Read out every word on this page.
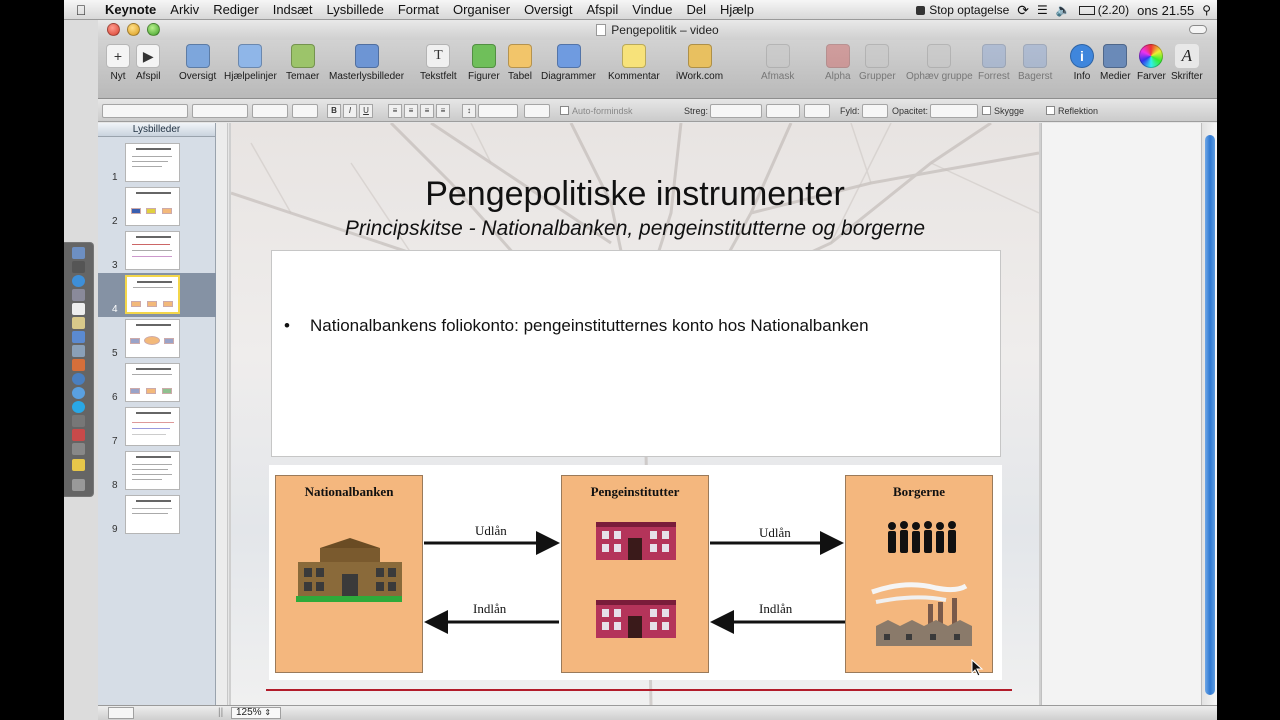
Keynote	Arkiv	Rediger	Indsæt	Lysbillede	Format	Organiser	Oversigt	Afspil	Vindue	Del	Hjælp	Stop optagelse ⟳ ☰ 🔈	(2.20) ons 21.55 ⚲
Pengepolitik – video
+
Nyt
▶
Afspil Oversigt Hjælpelinjer Temaer Masterlysbilleder
T
Tekstfelt Figurer Tabel Diagrammer Kommentar iWork.com	Afmask	Alpha Grupper Ophæv gruppe Forrest Bagerst
i
Info Medier Farver
A
Skrifter
B	I	U	≡	≡	≡	≡	↕	Auto-formindsk	Streg:	Fyld:	Opacitet:	Skygge	Reflektion
Lysbilleder
1
2
3
4
5
6
7
8
9
Pengepolitiske instrumenter
Principskitse - Nationalbanken, pengeinstitutterne og borgerne
•	Nationalbankens foliokonto: pengeinstitutternes konto hos Nationalbanken
Nationalbanken	Pengeinstitutter	Borgerne
Udlån
Indlån
Udlån
Indlån
||	125% ⇕
